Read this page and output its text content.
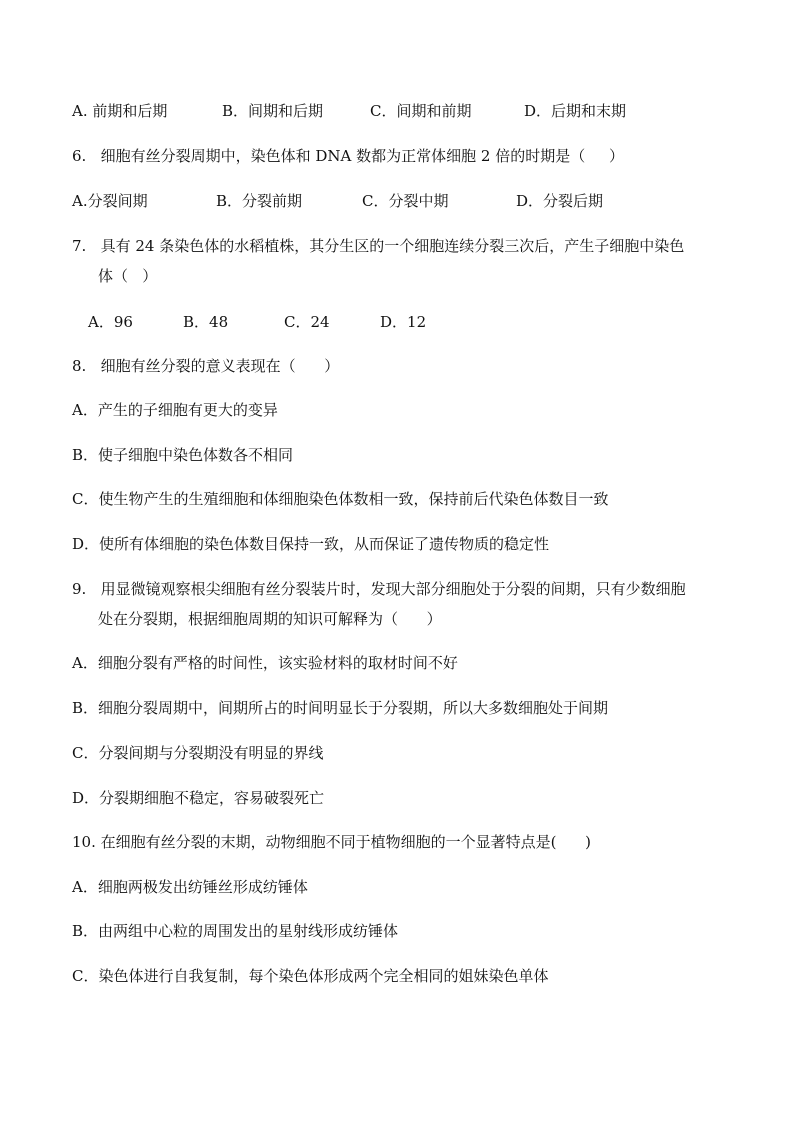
A. 前期和后期	B．间期和后期	C．间期和前期	D．后期和末期
6.   细胞有丝分裂周期中，染色体和 DNA 数都为正常体细胞 2 倍的时期是（     ）
A.分裂间期	B．分裂前期	C．分裂中期	D．分裂后期
7.   具有 24 条染色体的水稻植株，其分生区的一个细胞连续分裂三次后，产生子细胞中染色
体（   ）
A．96	B．48	C．24	D．12
8.   细胞有丝分裂的意义表现在（      ）
A．产生的子细胞有更大的变异
B．使子细胞中染色体数各不相同
C．使生物产生的生殖细胞和体细胞染色体数相一致，保持前后代染色体数目一致
D．使所有体细胞的染色体数目保持一致，从而保证了遗传物质的稳定性
9.   用显微镜观察根尖细胞有丝分裂装片时，发现大部分细胞处于分裂的间期，只有少数细胞
处在分裂期，根据细胞周期的知识可解释为（      ）
A．细胞分裂有严格的时间性，该实验材料的取材时间不好
B．细胞分裂周期中，间期所占的时间明显长于分裂期，所以大多数细胞处于间期
C．分裂间期与分裂期没有明显的界线
D．分裂期细胞不稳定，容易破裂死亡
10. 在细胞有丝分裂的末期，动物细胞不同于植物细胞的一个显著特点是(      )
A．细胞两极发出纺锤丝形成纺锤体
B．由两组中心粒的周围发出的星射线形成纺锤体
C．染色体进行自我复制，每个染色体形成两个完全相同的姐妹染色单体
